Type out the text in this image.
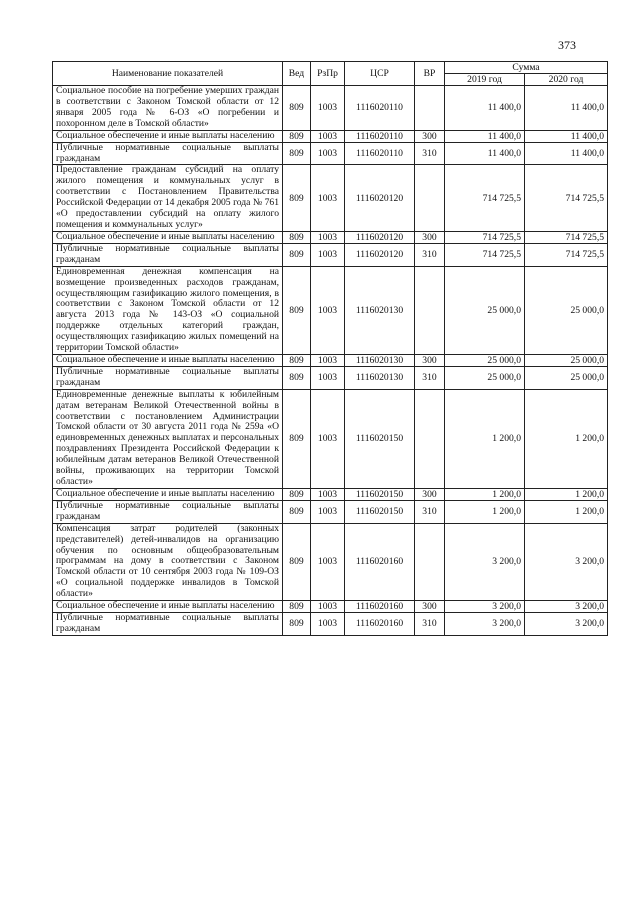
373
Наименование показателей	Вед	РзПр	ЦСР	ВР	Сумма	
					2019 год	2020 год
Социальное пособие на погребение умерших граждан в соответствии с Законом Томской области от 12 января 2005 года № 6-ОЗ «О погребении и похоронном деле в Томской области»	809	1003	1116020110		11 400,0	11 400,0
Социальное обеспечение и иные выплаты населению	809	1003	1116020110	300	11 400,0	11 400,0
Публичные нормативные социальные выплаты гражданам	809	1003	1116020110	310	11 400,0	11 400,0
Предоставление гражданам субсидий на оплату жилого помещения и коммунальных услуг в соответствии с Постановлением Правительства Российской Федерации от 14 декабря 2005 года № 761 «О предоставлении субсидий на оплату жилого помещения и коммунальных услуг»	809	1003	1116020120		714 725,5	714 725,5
Социальное обеспечение и иные выплаты населению	809	1003	1116020120	300	714 725,5	714 725,5
Публичные нормативные социальные выплаты гражданам	809	1003	1116020120	310	714 725,5	714 725,5
Единовременная денежная компенсация на возмещение произведенных расходов гражданам, осуществляющим газификацию жилого помещения, в соответствии с Законом Томской области от 12 августа 2013 года № 143-ОЗ «О социальной поддержке отдельных категорий граждан, осуществляющих газификацию жилых помещений на территории Томской области»	809	1003	1116020130		25 000,0	25 000,0
Социальное обеспечение и иные выплаты населению	809	1003	1116020130	300	25 000,0	25 000,0
Публичные нормативные социальные выплаты гражданам	809	1003	1116020130	310	25 000,0	25 000,0
Единовременные денежные выплаты к юбилейным датам ветеранам Великой Отечественной войны в соответствии с постановлением Администрации Томской области от 30 августа 2011 года № 259а «О единовременных денежных выплатах и персональных поздравлениях Президента Российской Федерации к юбилейным датам ветеранов Великой Отечественной войны, проживающих на территории Томской области»	809	1003	1116020150		1 200,0	1 200,0
Социальное обеспечение и иные выплаты населению	809	1003	1116020150	300	1 200,0	1 200,0
Публичные нормативные социальные выплаты гражданам	809	1003	1116020150	310	1 200,0	1 200,0
Компенсация затрат родителей (законных представителей) детей-инвалидов на организацию обучения по основным общеобразовательным программам на дому в соответствии с Законом Томской области от 10 сентября 2003 года № 109-ОЗ «О социальной поддержке инвалидов в Томской области»	809	1003	1116020160		3 200,0	3 200,0
Социальное обеспечение и иные выплаты населению	809	1003	1116020160	300	3 200,0	3 200,0
Публичные нормативные социальные выплаты гражданам	809	1003	1116020160	310	3 200,0	3 200,0
